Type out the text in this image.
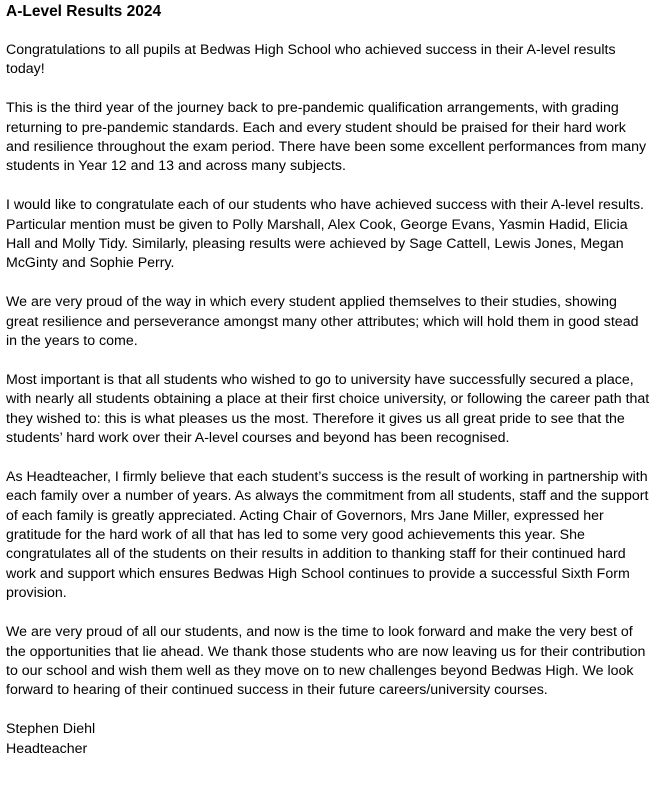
A-Level Results 2024

Congratulations to all pupils at Bedwas High School who achieved success in their A-level results today!

This is the third year of the journey back to pre-pandemic qualification arrangements, with grading returning to pre-pandemic standards. Each and every student should be praised for their hard work and resilience throughout the exam period. There have been some excellent performances from many students in Year 12 and 13 and across many subjects.

I would like to congratulate each of our students who have achieved success with their A-level results. Particular mention must be given to Polly Marshall, Alex Cook, George Evans, Yasmin Hadid, Elicia Hall and Molly Tidy. Similarly, pleasing results were achieved by Sage Cattell, Lewis Jones, Megan McGinty and Sophie Perry.

We are very proud of the way in which every student applied themselves to their studies, showing great resilience and perseverance amongst many other attributes; which will hold them in good stead in the years to come.

Most important is that all students who wished to go to university have successfully secured a place, with nearly all students obtaining a place at their first choice university, or following the career path that they wished to: this is what pleases us the most. Therefore it gives us all great pride to see that the students’ hard work over their A-level courses and beyond has been recognised.

As Headteacher, I firmly believe that each student’s success is the result of working in partnership with each family over a number of years. As always the commitment from all students, staff and the support of each family is greatly appreciated. Acting Chair of Governors, Mrs Jane Miller, expressed her gratitude for the hard work of all that has led to some very good achievements this year. She congratulates all of the students on their results in addition to thanking staff for their continued hard work and support which ensures Bedwas High School continues to provide a successful Sixth Form provision.

We are very proud of all our students, and now is the time to look forward and make the very best of the opportunities that lie ahead. We thank those students who are now leaving us for their contribution to our school and wish them well as they move on to new challenges beyond Bedwas High. We look forward to hearing of their continued success in their future careers/university courses.

Stephen Diehl

Headteacher
